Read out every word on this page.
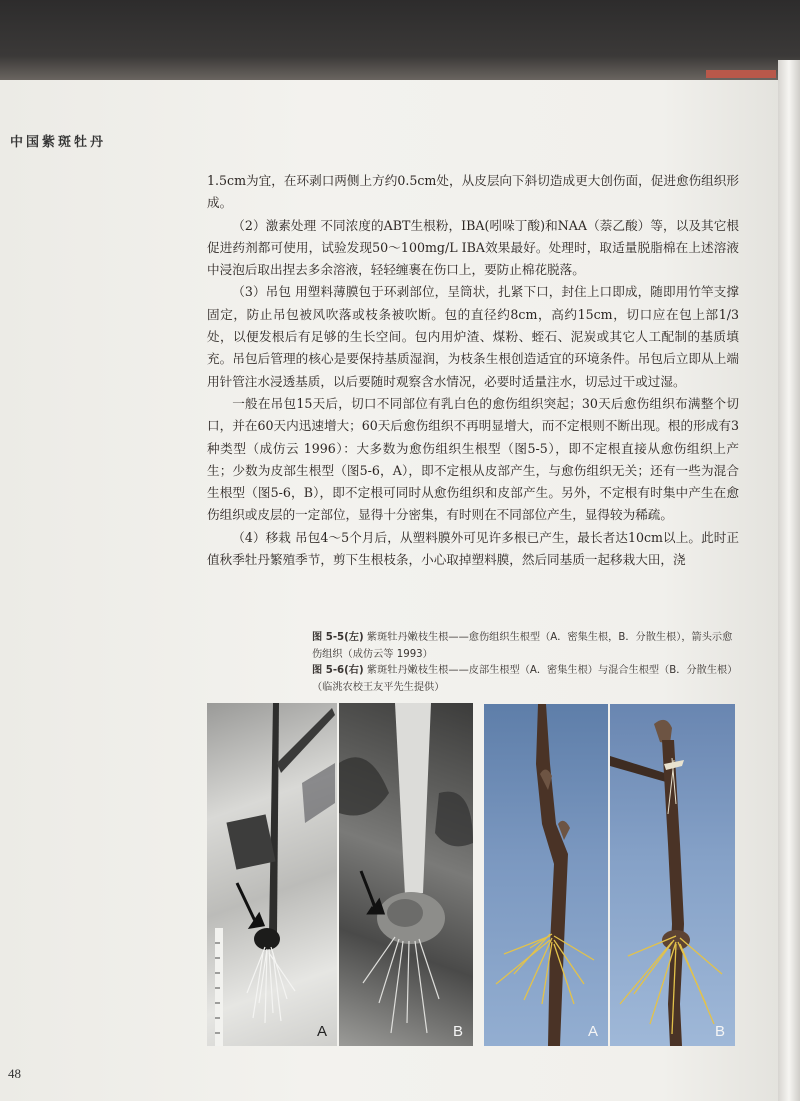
中国紫斑牡丹

1.5cm为宜，在环剥口两侧上方约0.5cm处，从皮层向下斜切造成更大创伤面，促进愈伤组织形成。

（2）激素处理 不同浓度的ABT生根粉，IBA(吲哚丁酸)和NAA（萘乙酸）等，以及其它根促进药剂都可使用，试验发现50～100mg/L IBA效果最好。处理时，取适量脱脂棉在上述溶液中浸泡后取出捏去多余溶液，轻轻缠裹在伤口上，要防止棉花脱落。

（3）吊包 用塑料薄膜包于环剥部位，呈筒状，扎紧下口，封住上口即成，随即用竹竿支撑固定，防止吊包被风吹落或枝条被吹断。包的直径约8cm，高约15cm，切口应在包上部1/3处，以便发根后有足够的生长空间。包内用炉渣、煤粉、蛭石、泥炭或其它人工配制的基质填充。吊包后管理的核心是要保持基质湿润，为枝条生根创造适宜的环境条件。吊包后立即从上端用针管注水浸透基质，以后要随时观察含水情况，必要时适量注水，切忌过干或过湿。

一般在吊包15天后，切口不同部位有乳白色的愈伤组织突起；30天后愈伤组织布满整个切口，并在60天内迅速增大；60天后愈伤组织不再明显增大，而不定根则不断出现。根的形成有3种类型（成仿云 1996）：大多数为愈伤组织生根型（图5-5），即不定根直接从愈伤组织上产生；少数为皮部生根型（图5-6，A），即不定根从皮部产生，与愈伤组织无关；还有一些为混合生根型（图5-6，B），即不定根可同时从愈伤组织和皮部产生。另外，不定根有时集中产生在愈伤组织或皮层的一定部位，显得十分密集，有时则在不同部位产生，显得较为稀疏。

（4）移栽 吊包4～5个月后，从塑料膜外可见许多根已产生，最长者达10cm以上。此时正值秋季牡丹繁殖季节，剪下生根枝条，小心取掉塑料膜，然后同基质一起移栽大田，浇

图 5-5(左) 紫斑牡丹嫩枝生根——愈伤组织生根型（A．密集生根，B．分散生根），箭头示愈伤组织（成仿云等 1993）

图 5-6(右) 紫斑牡丹嫩枝生根——皮部生根型（A．密集生根）与混合生根型（B．分散生根）（临洮农校王友平先生提供）

A	B	A	B
48
